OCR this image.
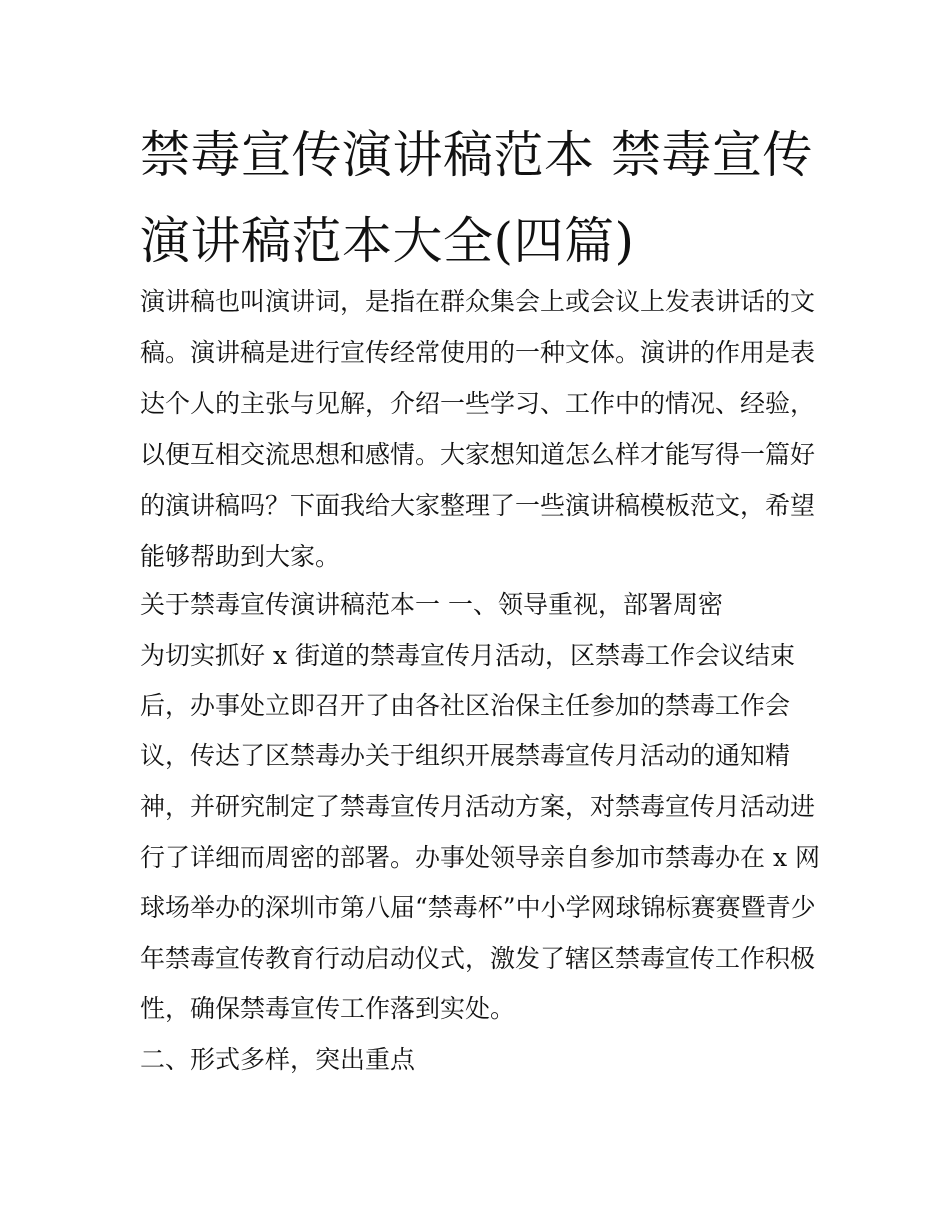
禁毒宣传演讲稿范本 禁毒宣传
演讲稿范本大全(四篇)

演讲稿也叫演讲词，是指在群众集会上或会议上发表讲话的文

稿。演讲稿是进行宣传经常使用的一种文体。演讲的作用是表

达个人的主张与见解，介绍一些学习、工作中的情况、经验，

以便互相交流思想和感情。大家想知道怎么样才能写得一篇好

的演讲稿吗？下面我给大家整理了一些演讲稿模板范文，希望

能够帮助到大家。

关于禁毒宣传演讲稿范本一 一、领导重视，部署周密

为切实抓好 x 街道的禁毒宣传月活动，区禁毒工作会议结束

后，办事处立即召开了由各社区治保主任参加的禁毒工作会

议，传达了区禁毒办关于组织开展禁毒宣传月活动的通知精

神，并研究制定了禁毒宣传月活动方案，对禁毒宣传月活动进

行了详细而周密的部署。办事处领导亲自参加市禁毒办在 x 网

球场举办的深圳市第八届“禁毒杯”中小学网球锦标赛赛暨青少

年禁毒宣传教育行动启动仪式，激发了辖区禁毒宣传工作积极

性，确保禁毒宣传工作落到实处。

二、形式多样，突出重点
